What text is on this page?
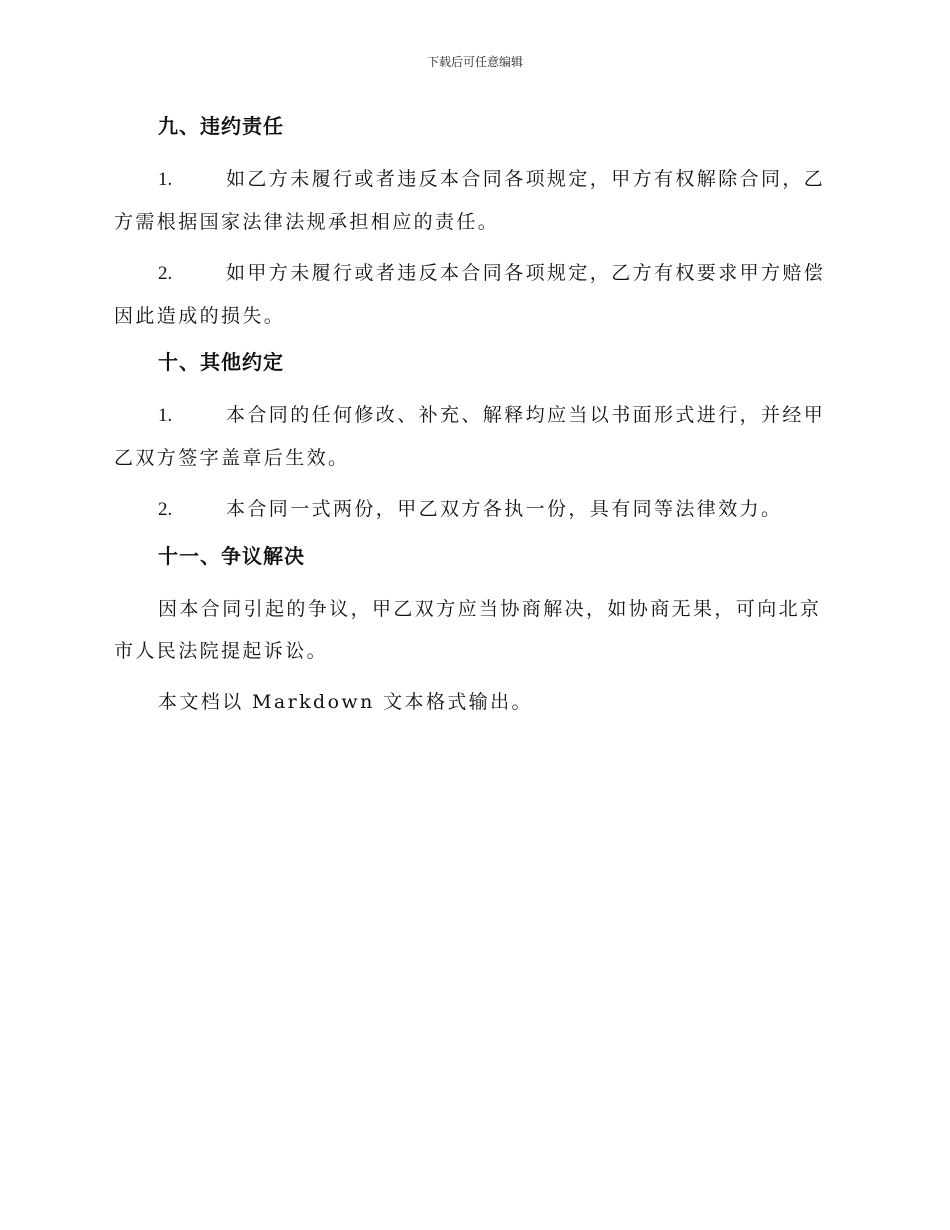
下载后可任意编辑
九、违约责任
1.	如乙方未履行或者违反本合同各项规定，甲方有权解除合同，乙方需根据国家法律法规承担相应的责任。
2.	如甲方未履行或者违反本合同各项规定，乙方有权要求甲方赔偿因此造成的损失。
十、其他约定
1.	本合同的任何修改、补充、解释均应当以书面形式进行，并经甲乙双方签字盖章后生效。
2.	本合同一式两份，甲乙双方各执一份，具有同等法律效力。
十一、争议解决
因本合同引起的争议，甲乙双方应当协商解决，如协商无果，可向北京市人民法院提起诉讼。
本文档以 Markdown 文本格式输出。
